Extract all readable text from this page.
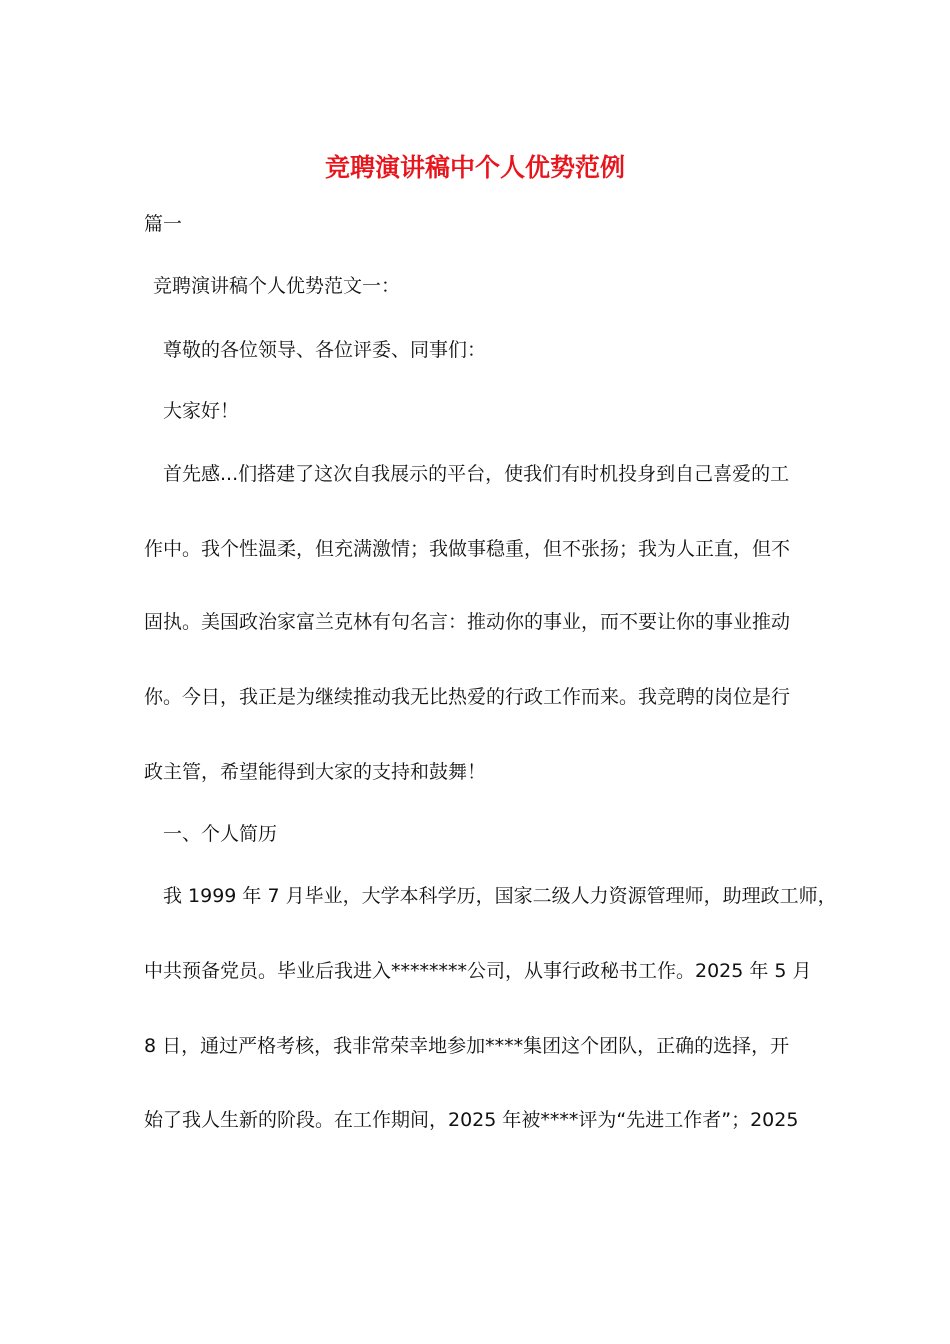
竞聘演讲稿中个人优势范例

篇一

竞聘演讲稿个人优势范文一：

尊敬的各位领导、各位评委、同事们：

大家好！

首先感...们搭建了这次自我展示的平台，使我们有时机投身到自己喜爱的工

作中。我个性温柔，但充满激情；我做事稳重，但不张扬；我为人正直，但不

固执。美国政治家富兰克林有句名言：推动你的事业，而不要让你的事业推动

你。今日，我正是为继续推动我无比热爱的行政工作而来。我竞聘的岗位是行

政主管，希望能得到大家的支持和鼓舞！

一、个人简历

我 1999 年 7 月毕业，大学本科学历，国家二级人力资源管理师，助理政工师，

中共预备党员。毕业后我进入********公司，从事行政秘书工作。2025 年 5 月

8 日，通过严格考核，我非常荣幸地参加****集团这个团队，正确的选择，开

始了我人生新的阶段。在工作期间，2025 年被****评为“先进工作者”；2025
